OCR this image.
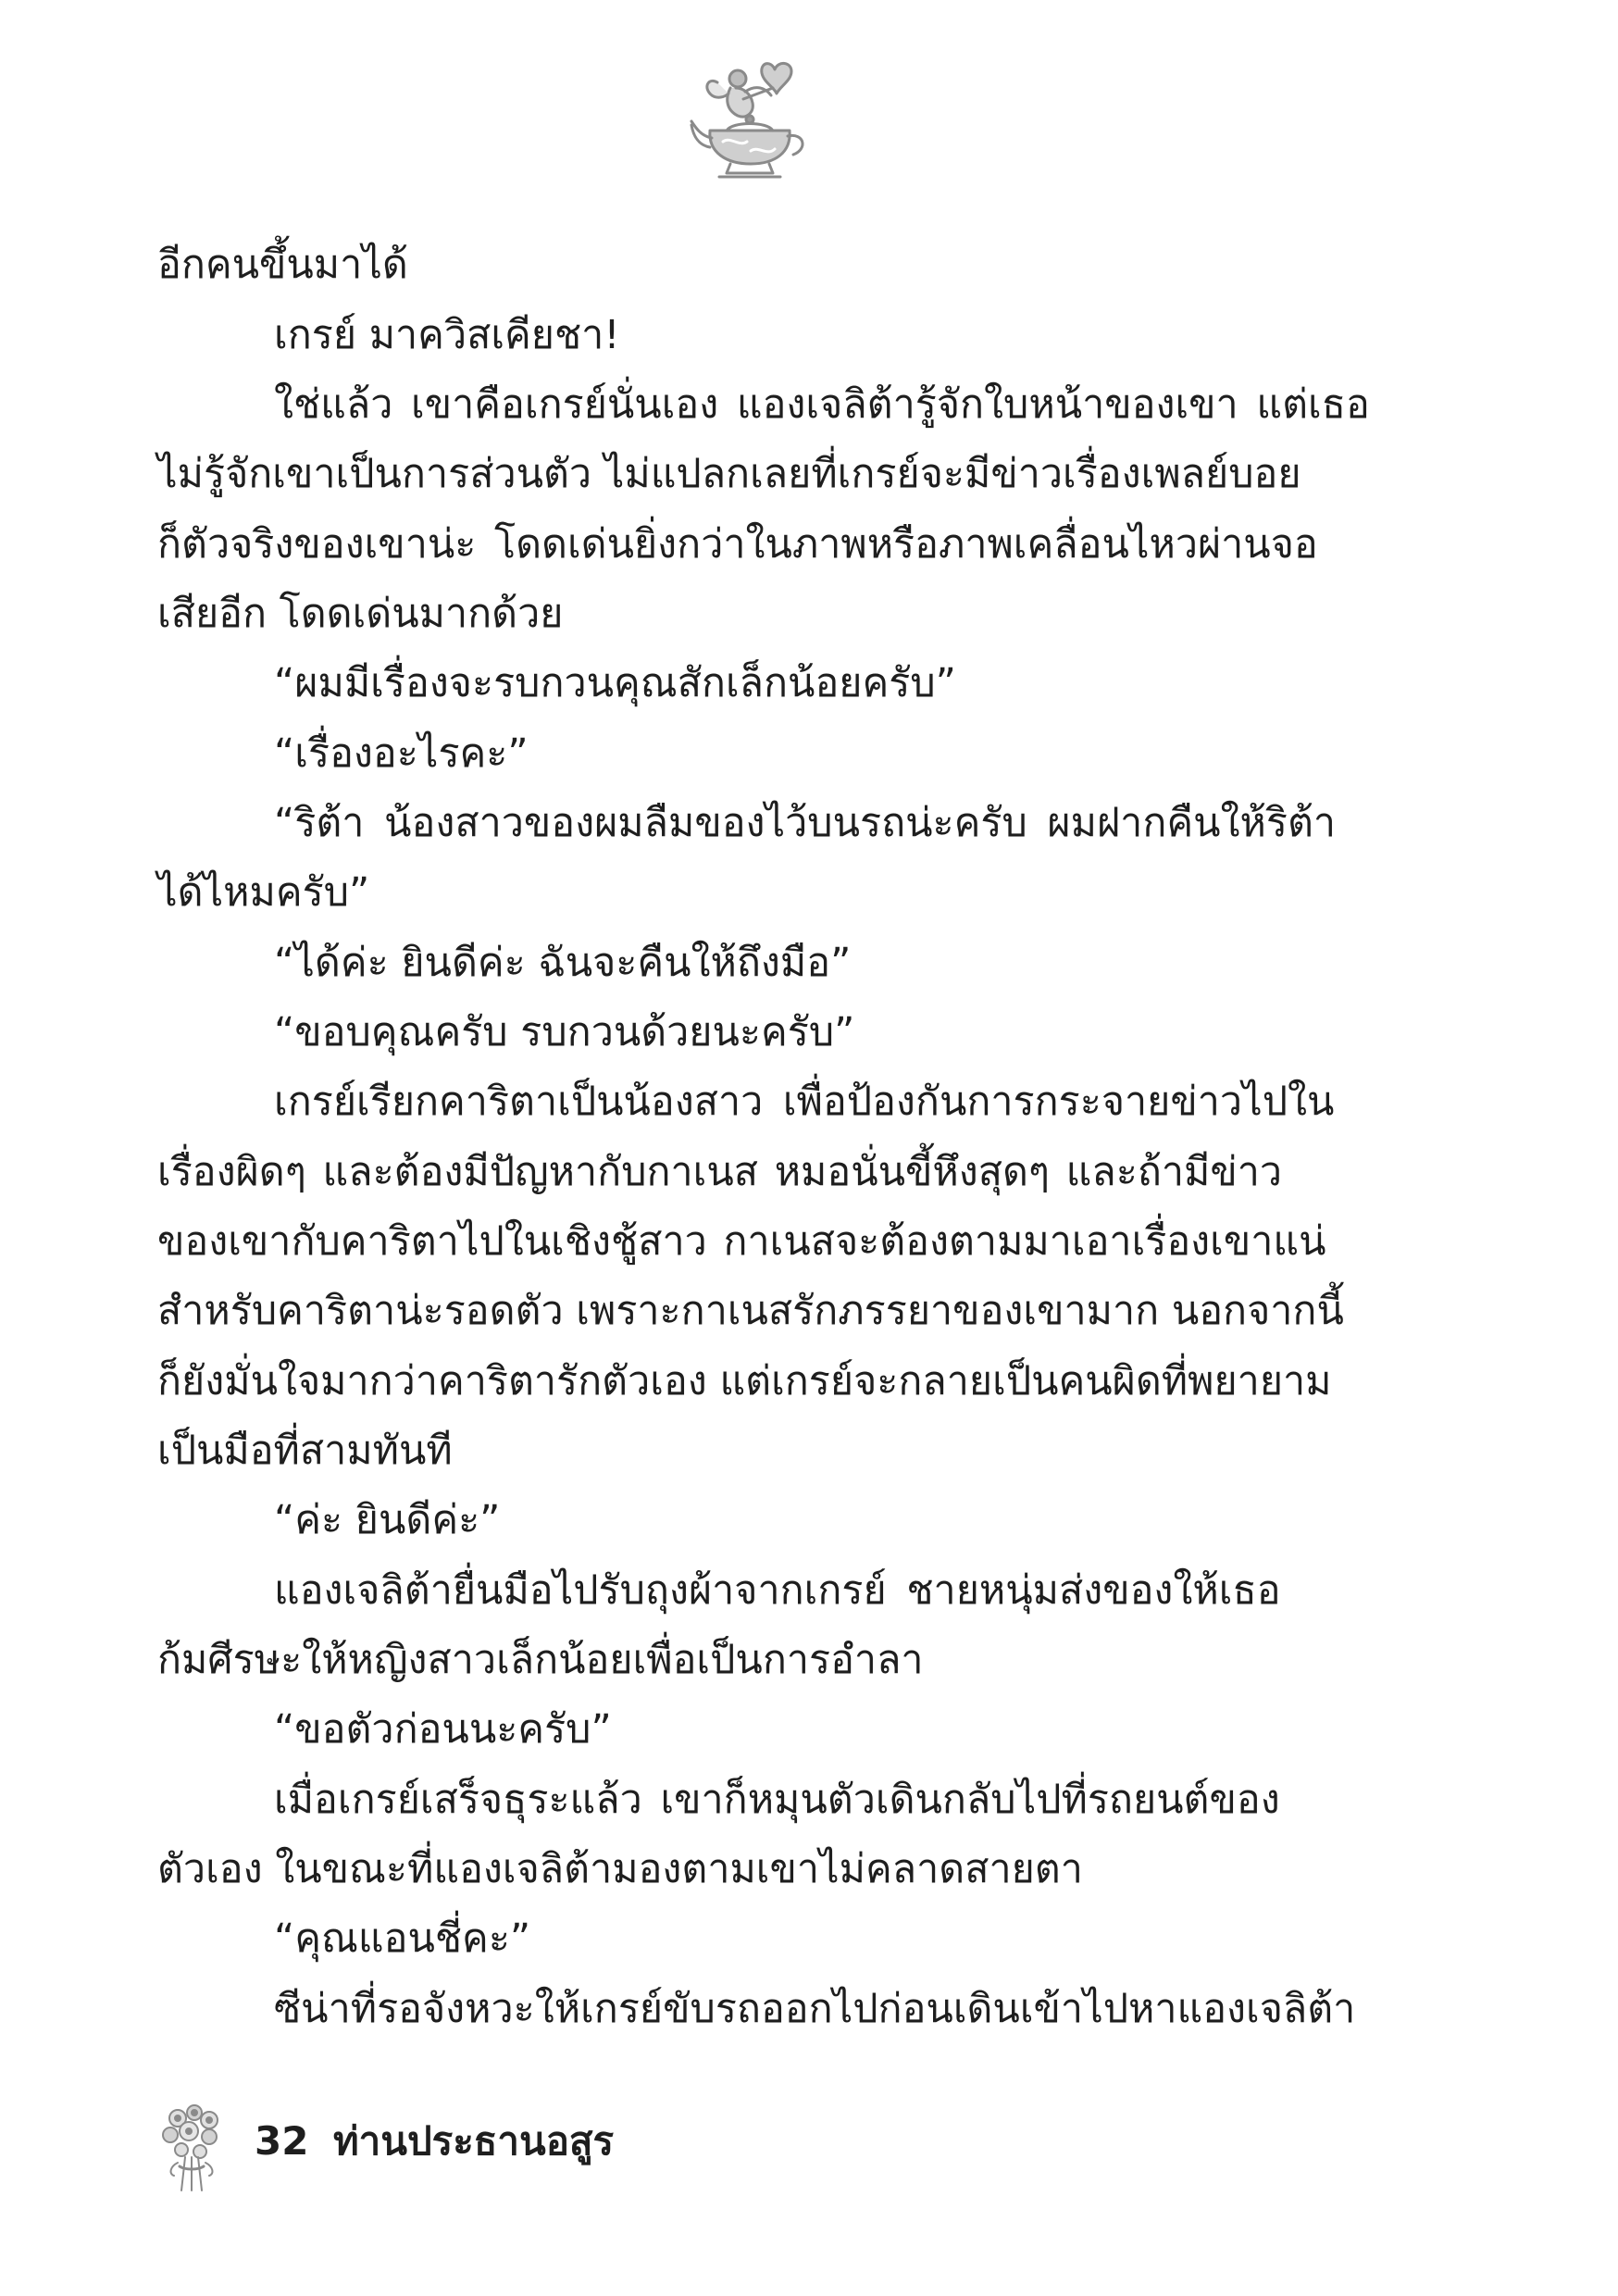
อีกคนขึ้นมาได้
เกรย์ มาควิสเคียชา!
ใช่แล้ว เขาคือเกรย์นั่นเอง แองเจลิต้ารู้จักใบหน้าของเขา แต่เธอ
ไม่รู้จักเขาเป็นการส่วนตัว ไม่แปลกเลยที่เกรย์จะมีข่าวเรื่องเพลย์บอย
ก็ตัวจริงของเขาน่ะ โดดเด่นยิ่งกว่าในภาพหรือภาพเคลื่อนไหวผ่านจอ
เสียอีก โดดเด่นมากด้วย
“ผมมีเรื่องจะรบกวนคุณสักเล็กน้อยครับ”
“เรื่องอะไรคะ”
“ริต้า น้องสาวของผมลืมของไว้บนรถน่ะครับ ผมฝากคืนให้ริต้า
ได้ไหมครับ”
“ได้ค่ะ ยินดีค่ะ ฉันจะคืนให้ถึงมือ”
“ขอบคุณครับ รบกวนด้วยนะครับ”
เกรย์เรียกคาริตาเป็นน้องสาว เพื่อป้องกันการกระจายข่าวไปใน
เรื่องผิดๆ และต้องมีปัญหากับกาเนส หมอนั่นขี้หึงสุดๆ และถ้ามีข่าว
ของเขากับคาริตาไปในเชิงชู้สาว กาเนสจะต้องตามมาเอาเรื่องเขาแน่
สำหรับคาริตาน่ะรอดตัว เพราะกาเนสรักภรรยาของเขามาก นอกจากนี้
ก็ยังมั่นใจมากว่าคาริตารักตัวเอง แต่เกรย์จะกลายเป็นคนผิดที่พยายาม
เป็นมือที่สามทันที
“ค่ะ ยินดีค่ะ”
แองเจลิต้ายื่นมือไปรับถุงผ้าจากเกรย์ ชายหนุ่มส่งของให้เธอ
ก้มศีรษะให้หญิงสาวเล็กน้อยเพื่อเป็นการอำลา
“ขอตัวก่อนนะครับ”
เมื่อเกรย์เสร็จธุระแล้ว เขาก็หมุนตัวเดินกลับไปที่รถยนต์ของ
ตัวเอง ในขณะที่แองเจลิต้ามองตามเขาไม่คลาดสายตา
“คุณแอนชี่คะ”
ซีน่าที่รอจังหวะให้เกรย์ขับรถออกไปก่อนเดินเข้าไปหาแองเจลิต้า
32 ท่านประธานอสูร
